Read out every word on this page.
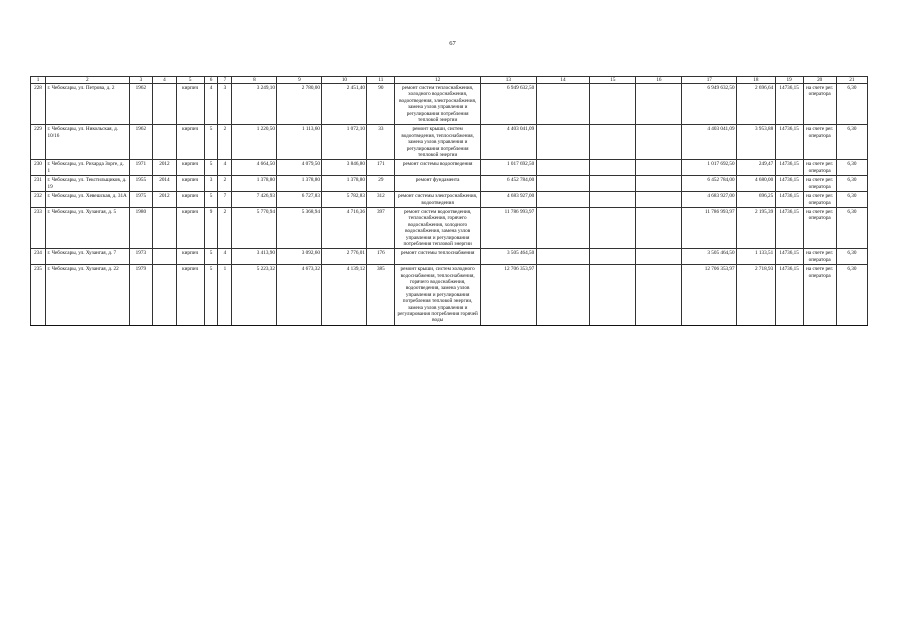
67
1	2	3	4	5	6	7	8	9	10	11	12	13	14	15	16	17	18	19	20	21
228	г. Чебоксары, ул. Петрова, д. 2	1962		кирпич	4	3	3 249,10	2 780,00	2 451,40	90	ремонт систем теплоснабжения, холодного водоснабжения, водоотведения, электроснабжения, замена узлов управления и регулирования потребления тепловой энергии	6 949 632,50				6 949 632,50	2 696,64	14736,15	на счете рег. оператора	6,30
229	г. Чебоксары, ул. Никольская, д. 10/16	1962		кирпич	5	2	1 220,50	1 113,60	1 072,10	33	ремонт крыши, систем водоотведения, теплоснабжения, замена узлов управления и регулирования потребления тепловой энергии	4 403 041,09				4 403 041,09	3 953,88	14736,15	на счете рег. оператора	6,30
230	г. Чебоксары, ул. Рихарда Зорге, д. 1	1971	2012	кирпич	5	4	4 664,50	4 079,50	3 846,80	171	ремонт системы водоотведения	1 017 692,50				1 017 692,50	249,47	14736,15	на счете рег. оператора	6,30
231	г. Чебоксары, ул. Текстильщиков, д. 19	1955	2014	кирпич	3	2	1 378,80	1 378,80	1 378,80	29	ремонт фундамента	6 452 784,00				6 452 784,00	4 680,00	14736,15	на счете рег. оператора	6,30
232	г. Чебоксары, ул. Хевешская, д. 31А	1975	2012	кирпич	5	7	7 426,93	6 727,83	5 782,83	312	ремонт системы электроснабжения, водоотведения	4 683 927,00				4 683 927,00	696,25	14736,15	на счете рег. оператора	6,30
233	г. Чебоксары, ул. Хузангая, д. 5	1980		кирпич	9	2	5 770,94	5 368,94	4 716,36	397	ремонт систем водоотведения, теплоснабжения, горячего водоснабжения, холодного водоснабжения, замена узлов управления и регулирования потребления тепловой энергии	11 786 993,97				11 786 993,97	2 195,39	14736,15	на счете рег. оператора	6,30
234	г. Чебоксары, ул. Хузангая, д. 7	1973		кирпич	5	4	3 413,90	3 092,60	2 776,01	176	ремонт системы теплоснабжения	3 505 464,50				3 505 464,50	1 133,51	14736,15	на счете рег. оператора	6,30
235	г. Чебоксары, ул. Хузангая, д. 22	1979		кирпич	5	1	5 223,32	4 673,32	4 139,12	385	ремонт крыши, систем холодного водоснабжения, теплоснабжения, горячего водоснабжения, водоотведения, замена узлов управления и регулирования потребления тепловой энергии, замена узлов управления и регулирования потребления горячей воды	12 706 353,97				12 706 353,97	2 718,93	14736,15	на счете рег. оператора	6,30
